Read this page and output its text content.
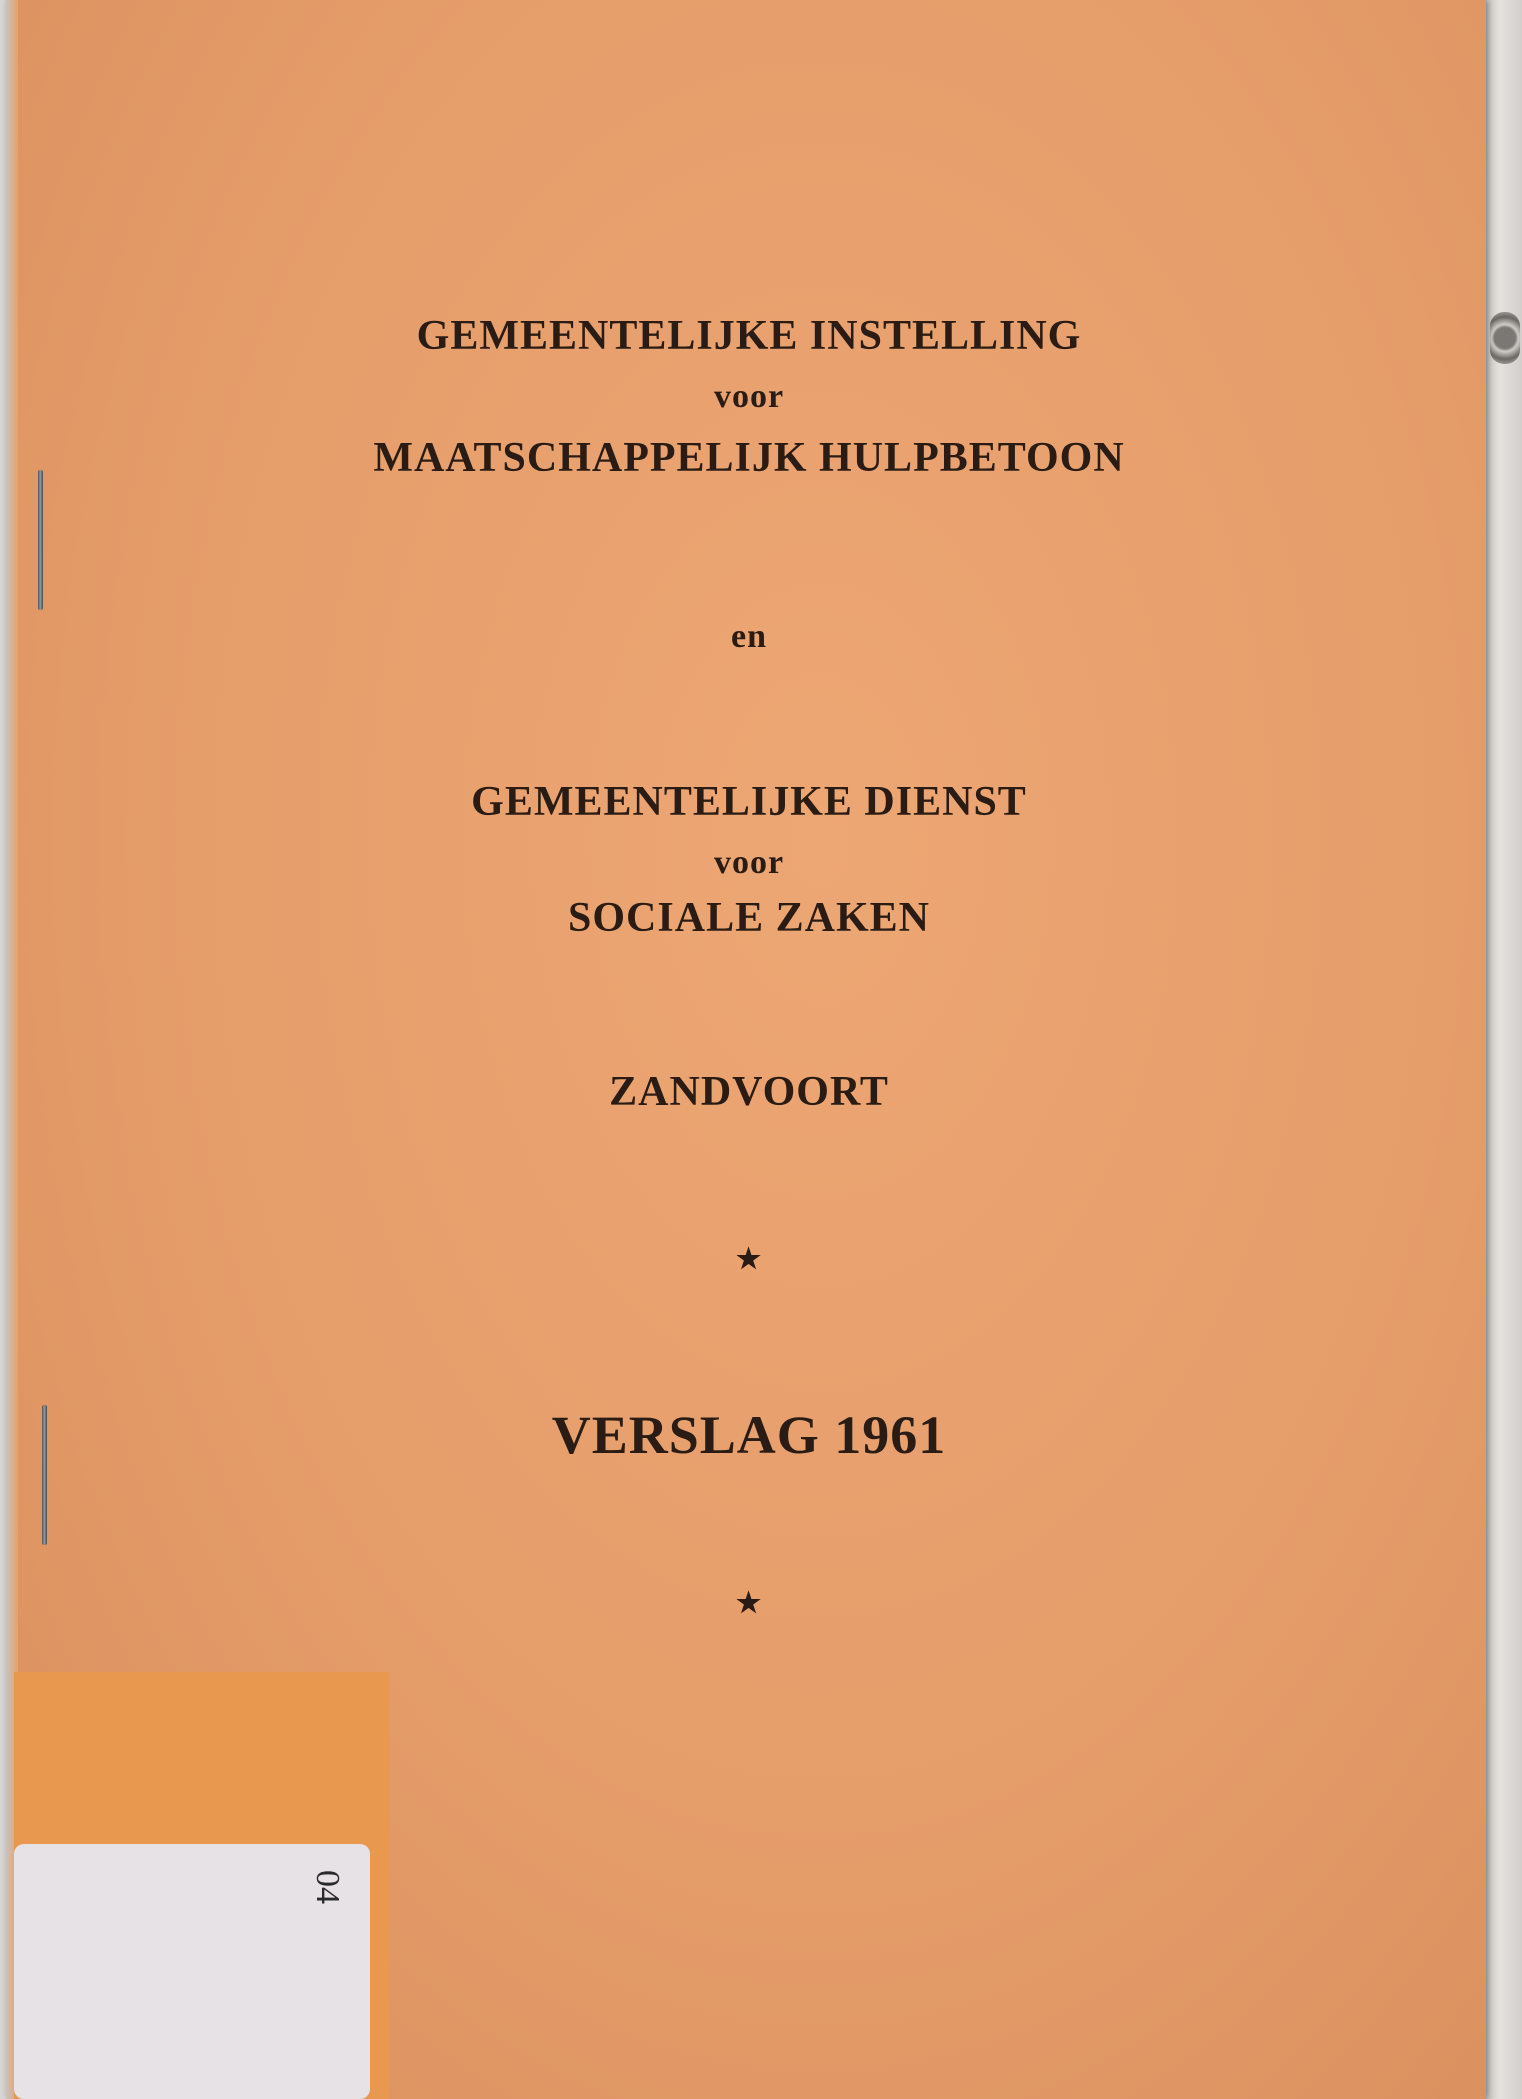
GEMEENTELIJKE INSTELLING
voor
MAATSCHAPPELIJK HULPBETOON
en
GEMEENTELIJKE DIENST
voor
SOCIALE ZAKEN
ZANDVOORT
★
VERSLAG 1961
★
04
